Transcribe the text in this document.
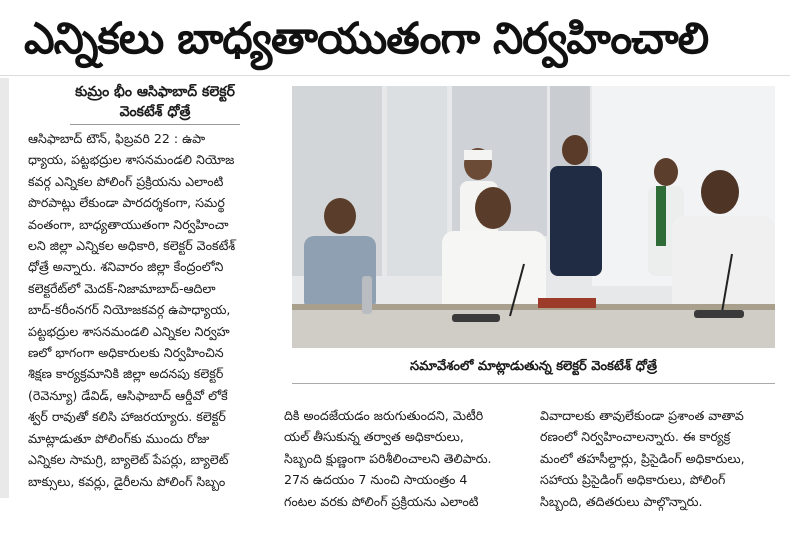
ఎన్నికలు బాధ్యతాయుతంగా నిర్వహించాలి
కుమ్రం భీం ఆసిఫాబాద్ కలెక్టర్
వెంకటేశ్ ధోత్రే

ఆసిఫాబాద్ టౌన్, ఫిబ్రవరి 22 : ఉపా

ధ్యాయ, పట్టభద్రుల శాసనమండలి నియోజ

కవర్గ ఎన్నికల పోలింగ్ ప్రక్రియను ఎలాంటి

పొరపాట్లు లేకుండా పారదర్శకంగా, సమర్థ

వంతంగా, బాధ్యతాయుతంగా నిర్వహించా

లని జిల్లా ఎన్నికల అధికారి, కలెక్టర్ వెంకటేశ్

ధోత్రే అన్నారు. శనివారం జిల్లా కేంద్రంలోని

కలెక్టరేట్‌లో మెదక్-నిజామాబాద్-ఆదిలా

బాద్-కరీంనగర్ నియోజకవర్గ ఉపాధ్యాయ,

పట్టభద్రుల శాసనమండలి ఎన్నికల నిర్వహ

ణలో భాగంగా అధికారులకు నిర్వహించిన

శిక్షణ కార్యక్రమానికి జిల్లా అదనపు కలెక్టర్

(రెవెన్యూ) డేవిడ్, ఆసిఫాబాద్ ఆర్డీవో లోకే

శ్వర్ రావుతో కలిసి హాజరయ్యారు. కలెక్టర్

మాట్లాడుతూ పోలింగ్‌కు ముందు రోజు

ఎన్నికల సామగ్రి, బ్యాలెట్ పేపర్లు, బ్యాలెట్

బాక్సులు, కవర్లు, డైరీలను పోలింగ్ సిబ్బం

సమావేశంలో మాట్లాడుతున్న కలెక్టర్ వెంకటేశ్ ధోత్రే

దికి అందజేయడం జరుగుతుందని, మెటీరి

యల్ తీసుకున్న తర్వాత అధికారులు,

సిబ్బంది క్షుణ్ణంగా పరిశీలించాలని తెలిపారు.

27న ఉదయం 7 నుంచి సాయంత్రం 4

గంటల వరకు పోలింగ్ ప్రక్రియను ఎలాంటి

వివాదాలకు తావులేకుండా ప్రశాంత వాతావ

రణంలో నిర్వహించాలన్నారు. ఈ కార్యక్ర

మంలో తహసీల్దార్లు, ప్రిసైడింగ్ అధికారులు,

సహాయ ప్రిసైడింగ్ అధికారులు, పోలింగ్

సిబ్బంది, తదితరులు పాల్గొన్నారు.
